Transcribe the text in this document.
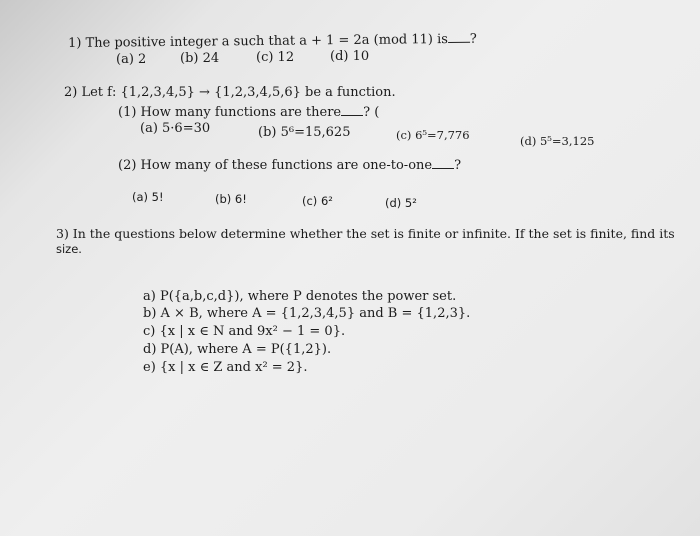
1) The positive integer a such that a + 1 = 2a (mod 11) is ?
(a) 2	(b) 24	(c) 12	(d) 10
2) Let f: {1,2,3,4,5} → {1,2,3,4,5,6} be a function.
(1) How many functions are there ? (
(a) 5·6=30	(b) 5⁶=15,625	(c) 6⁵=7,776	(d) 5⁵=3,125
(2) How many of these functions are one-to-one ?
(a) 5!	(b) 6!	(c) 6²	(d) 5²
3) In the questions below determine whether the set is finite or infinite. If the set is finite, find its
size.
a) P({a,b,c,d}), where P denotes the power set.
b) A × B, where A = {1,2,3,4,5} and B = {1,2,3}.
c) {x | x ∈ N and 9x² − 1 = 0}.
d) P(A), where A = P({1,2}).
e) {x | x ∈ Z and x² = 2}.
